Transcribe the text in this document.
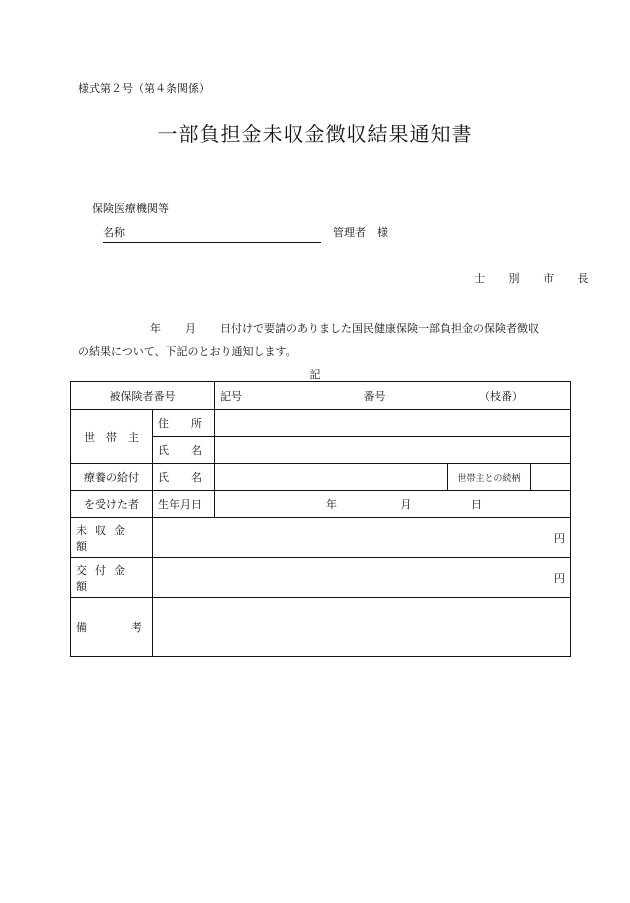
様式第２号（第４条関係）
一部負担金未収金徴収結果通知書
保険医療機関等
名称	管理者　様
士 別 市 長
年 月 日付けで要請のありました国民健康保険一部負担金の保険者徴収
の結果について、下記のとおり通知します。
記
被保険者番号		記号 番号 （枝番）		
世　帯　主	住　　所			
	氏　　名			
療養の給付	氏　　名		世帯主との続柄	
を受けた者	生年月日	年 月 日		
未収金額	円			
交付金額	円			
備　　　　考				
